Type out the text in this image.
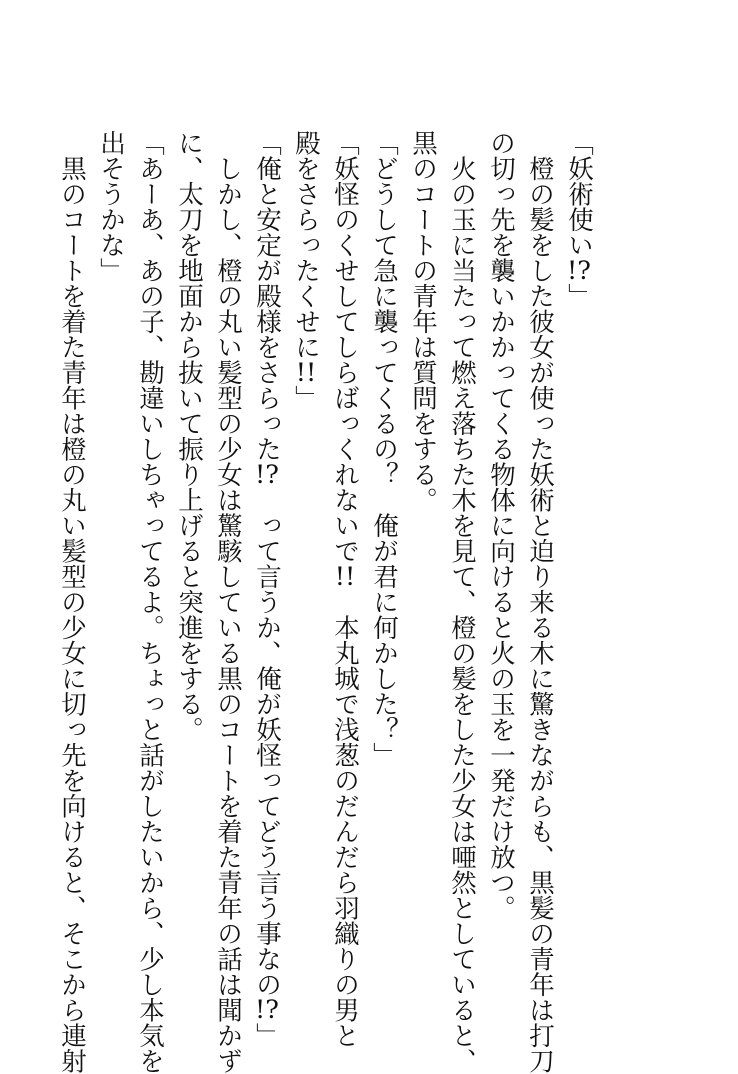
「妖術使い!?」
　橙の髪をした彼女が使った妖術と迫り来る木に驚きながらも、黒髪の青年は打刀
の切っ先を襲いかかってくる物体に向けると火の玉を一発だけ放つ。
　火の玉に当たって燃え落ちた木を見て、橙の髪をした少女は唖然としていると、
黒のコートの青年は質問をする。
「どうして急に襲ってくるの？　俺が君に何かした？」
「妖怪のくせしてしらばっくれないで!!　本丸城で浅葱のだんだら羽織りの男と
殿をさらったくせに!!」
「俺と安定が殿様をさらった!?　って言うか、俺が妖怪ってどう言う事なの!?」
　しかし、橙の丸い髪型の少女は驚駭している黒のコートを着た青年の話は聞かず
に、太刀を地面から抜いて振り上げると突進をする。
「あーあ、あの子、勘違いしちゃってるよ。ちょっと話がしたいから、少し本気を
出そうかな」
　黒のコートを着た青年は橙の丸い髪型の少女に切っ先を向けると、そこから連射
